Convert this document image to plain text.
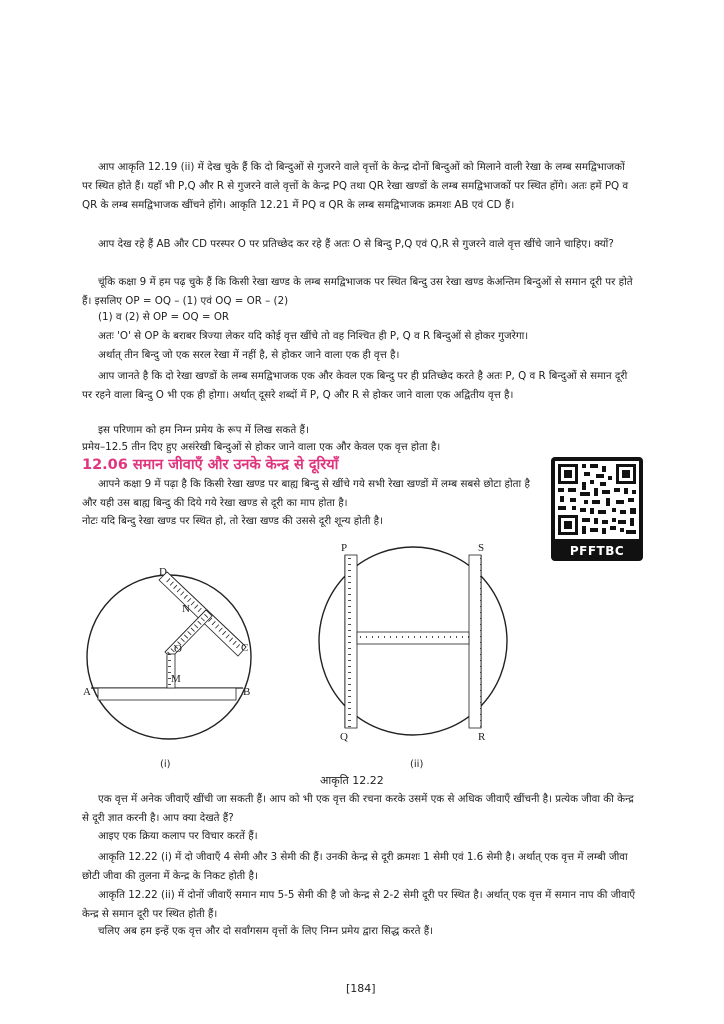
आप आकृति 12.19 (ii) में देख चुके हैं कि दो बिन्दुओं से गुजरने वाले वृत्तों के केन्द्र दोनों बिन्दुओं को मिलाने वाली रेखा के लम्ब समद्विभाजकों पर स्थित होते हैं। यहाँ भी P,Q और R से गुजरने वाले वृत्तों के केन्द्र PQ तथा QR रेखा खण्डों के लम्ब समद्विभाजकों पर स्थित होंगे। अतः हमें PQ व QR के लम्ब समद्विभाजक खींचने होंगे। आकृति 12.21 में PQ व QR के लम्ब समद्विभाजक क्रमशः AB एवं CD हैं।

आप देख रहे हैं AB और CD परस्पर O पर प्रतिच्छेद कर रहे हैं अतः O से बिन्दु P,Q एवं Q,R से गुजरने वाले वृत्त खींचे जाने चाहिए। क्यों?

चूंकि कक्षा 9 में हम पढ़ चुके हैं कि किसी रेखा खण्ड के लम्ब समद्विभाजक पर स्थित बिन्दु उस रेखा खण्ड केअन्तिम बिन्दुओं से समान दूरी पर होते हैं। इसलिए OP = OQ – (1) एवं OQ = OR – (2)

(1) व (2) से OP = OQ = OR

अतः 'O' से OP के बराबर त्रिज्या लेकर यदि कोई वृत्त खींचे तो वह निश्चित ही P, Q व R बिन्दुओं से होकर गुजरेगा।

अर्थात् तीन बिन्दु जो एक सरल रेखा में नहीं है, से होकर जाने वाला एक ही वृत्त है।

आप जानते है कि दो रेखा खण्डों के लम्ब समद्विभाजक एक और केवल एक बिन्दु पर ही प्रतिच्छेद करते है अतः P, Q व R बिन्दुओं से समान दूरी पर रहने वाला बिन्दु O भी एक ही होगा। अर्थात् दूसरे शब्दों में P, Q और R से होकर जाने वाला एक अद्वितीय वृत्त है।

इस परिणाम को हम निम्न प्रमेय के रूप में लिख सकते हैं।

प्रमेय–12.5 तीन दिए हुए असंरेखी बिन्दुओं से होकर जाने वाला एक और केवल एक वृत्त होता है।

12.06 समान जीवाएँ और उनके केन्द्र से दूरियाँ

आपने कक्षा 9 में पढ़ा है कि किसी रेखा खण्ड पर बाह्य बिन्दु से खींचे गये सभी रेखा खण्डों में लम्ब सबसे छोटा होता है और यही उस बाह्य बिन्दु की दिये गये रेखा खण्ड से दूरी का माप होता है।

नोटः यदि बिन्दु रेखा खण्ड पर स्थित हो, तो रेखा खण्ड की उससे दूरी शून्य होती है।

PFFTBC
D
N
O
M
A	B
C
P	S
Q	R
(i)	(ii)
आकृति 12.22

एक वृत्त में अनेक जीवाएँ खींची जा सकती हैं। आप को भी एक वृत्त की रचना करके उसमें एक से अधिक जीवाएँ खींचनी है। प्रत्येक जीवा की केन्द्र से दूरी ज्ञात करनी है। आप क्या देखते हैं?

आइए एक क्रिया कलाप पर विचार करतें हैं।

आकृति 12.22 (i) में दो जीवाएँ 4 सेमी और 3 सेमी की हैं। उनकी केन्द्र से दूरी क्रमशः 1 सेमी एवं 1.6 सेमी है। अर्थात् एक वृत्त में लम्बी जीवा छोटी जीवा की तुलना में केन्द्र के निकट होती है।

आकृति 12.22 (ii) में दोनों जीवाएँ समान माप 5-5 सेमी की है जो केन्द्र से 2-2 सेमी दूरी पर स्थित है। अर्थात् एक वृत्त में समान नाप की जीवाएँ केन्द्र से समान दूरी पर स्थित होती हैं।

चलिए अब हम इन्हें एक वृत्त और दो सर्वांगसम वृत्तों के लिए निम्न प्रमेय द्वारा सिद्ध करते हैं।

[184]
